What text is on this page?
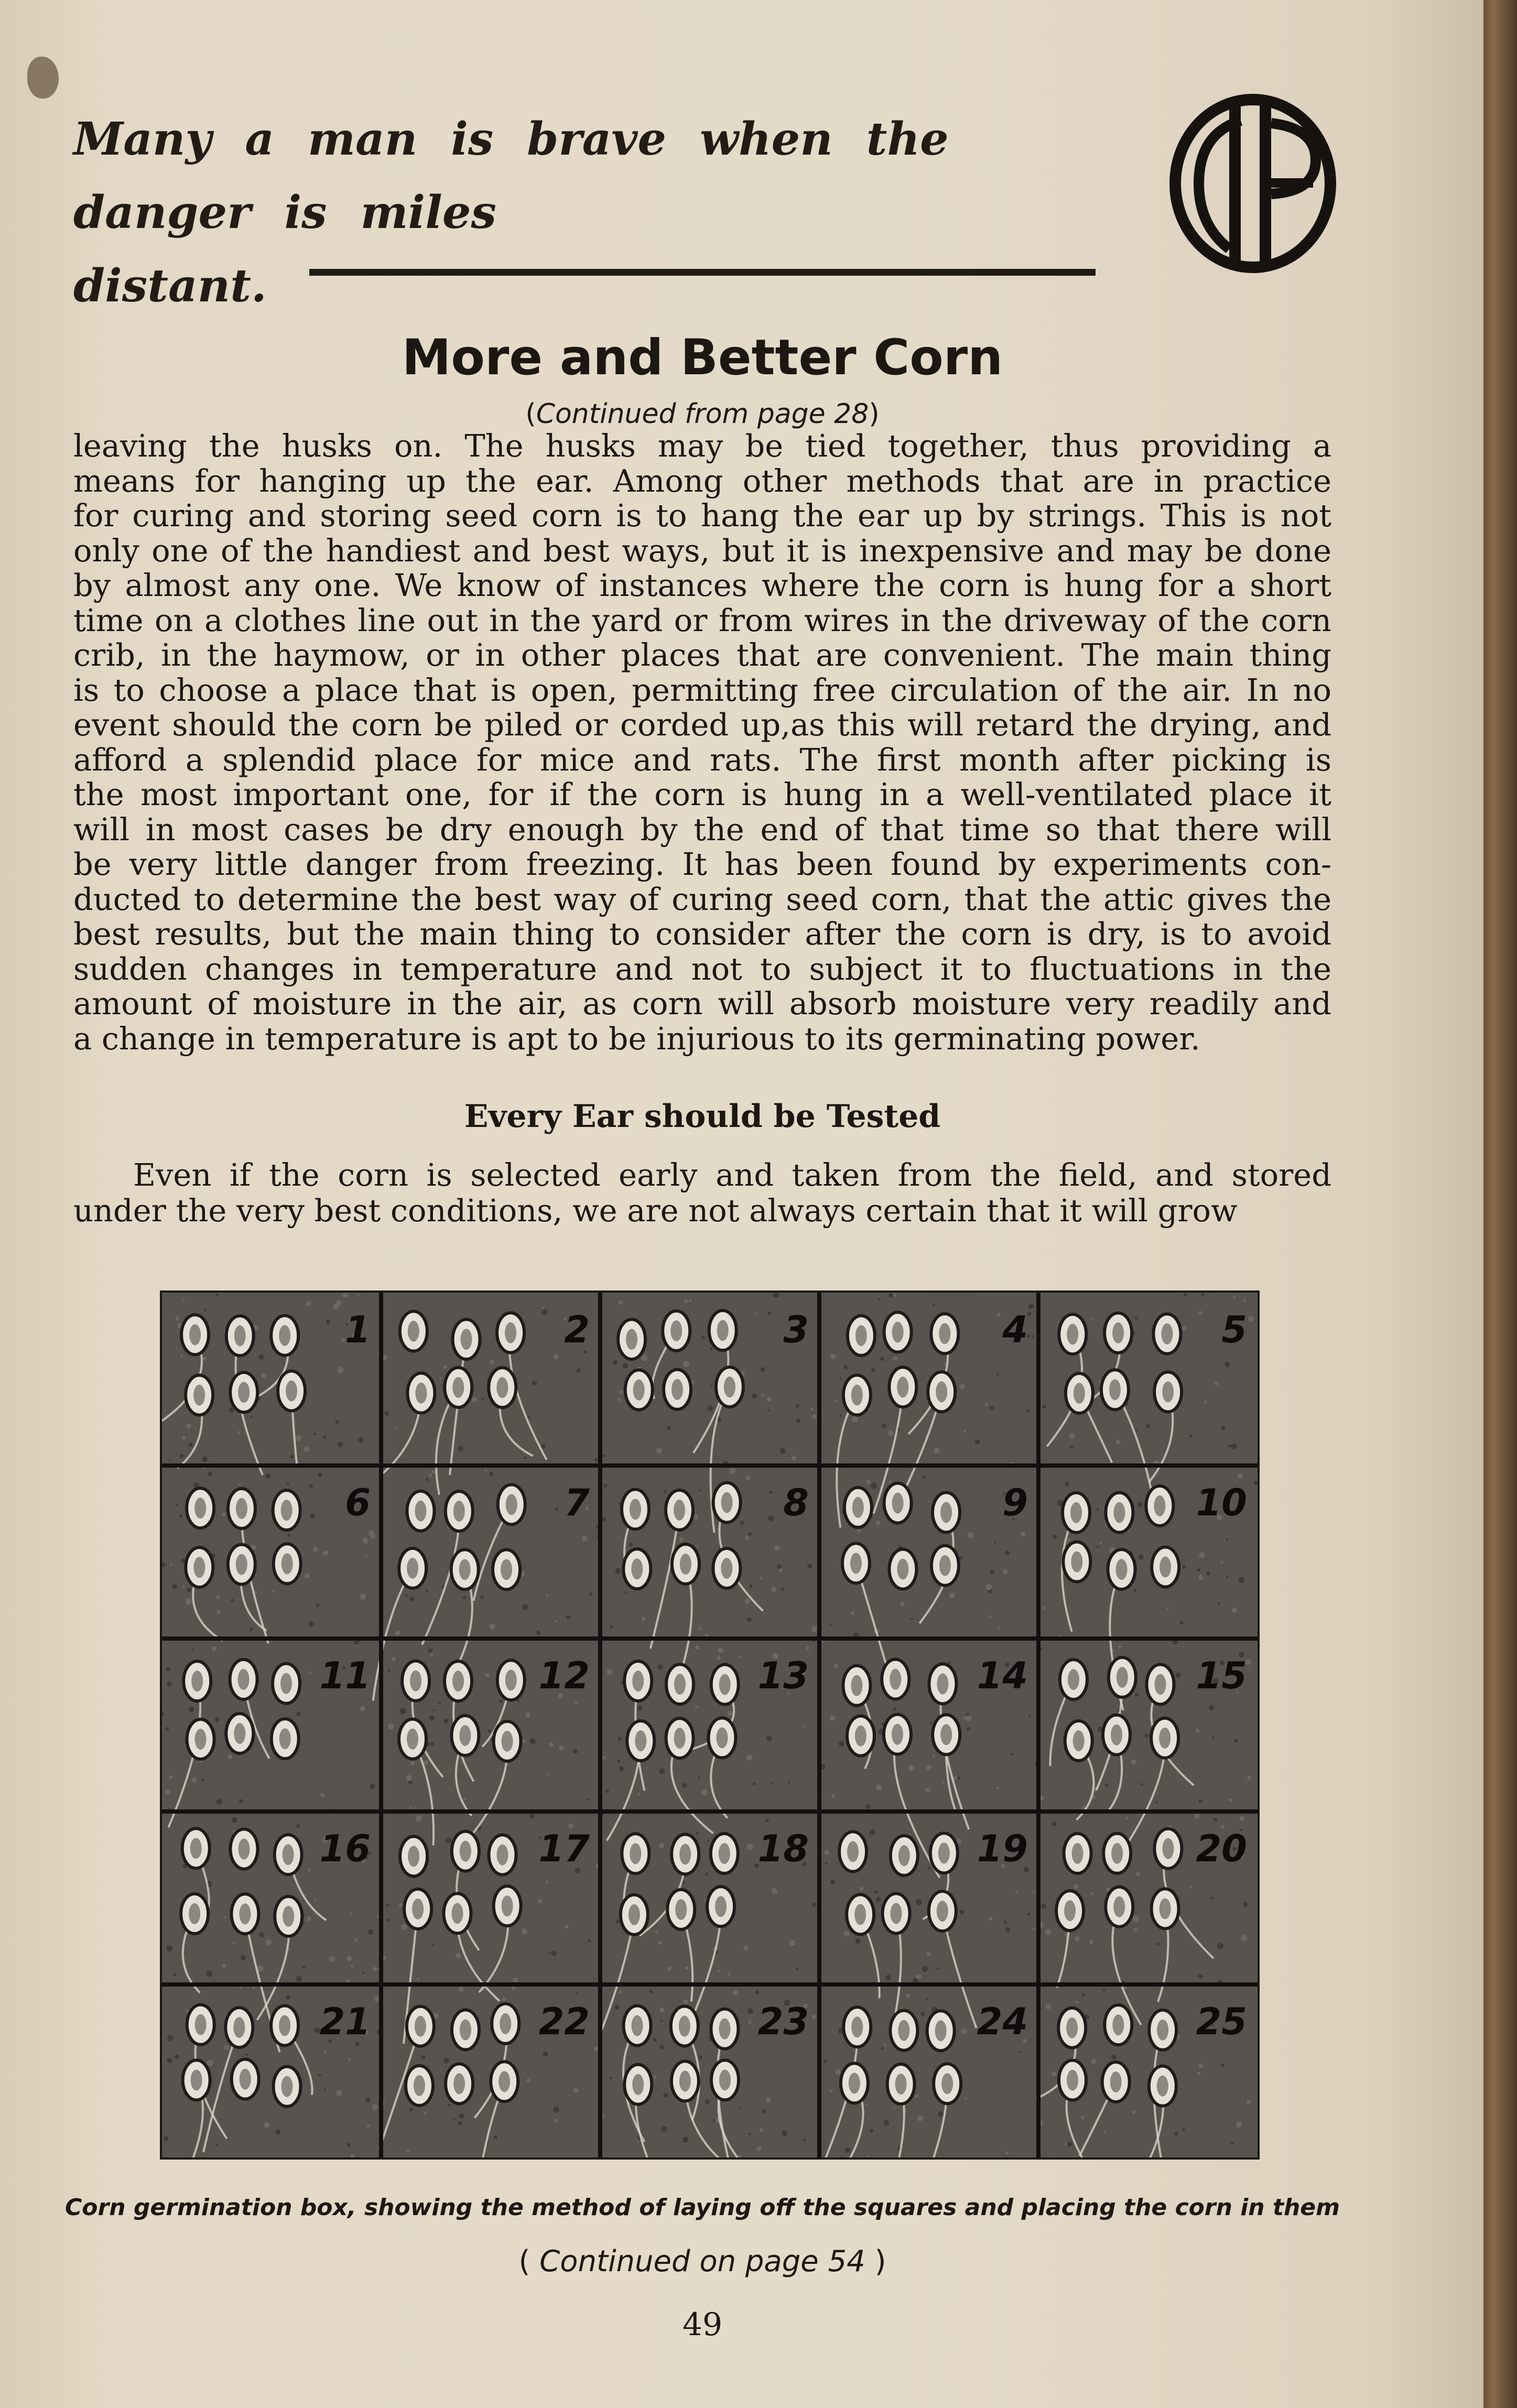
Many a man is brave when the danger is miles
distant.
More and Better Corn
(Continued from page 28)
leaving the husks on. The husks may be tied together, thus providing a
means for hanging up the ear. Among other methods that are in practice
for curing and storing seed corn is to hang the ear up by strings. This is not
only one of the handiest and best ways, but it is inexpensive and may be done
by almost any one. We know of instances where the corn is hung for a short
time on a clothes line out in the yard or from wires in the driveway of the corn
crib, in the haymow, or in other places that are convenient. The main thing
is to choose a place that is open, permitting free circulation of the air. In no
event should the corn be piled or corded up,as this will retard the drying, and
afford a splendid place for mice and rats. The first month after picking is
the most important one, for if the corn is hung in a well-ventilated place it
will in most cases be dry enough by the end of that time so that there will
be very little danger from freezing. It has been found by experiments con-
ducted to determine the best way of curing seed corn, that the attic gives the
best results, but the main thing to consider after the corn is dry, is to avoid
sudden changes in temperature and not to subject it to fluctuations in the
amount of moisture in the air, as corn will absorb moisture very readily and
a change in temperature is apt to be injurious to its germinating power.
Every Ear should be Tested
Even if the corn is selected early and taken from the field, and stored
under the very best conditions, we are not always certain that it will grow
1	2	3	4	5
6	7	8	9	10
11	12	13	14	15
16	17	18	19	20
21	22	23	24	25
Corn germination box, showing the method of laying off the squares and placing the corn in them
( Continued on page 54 )
49
